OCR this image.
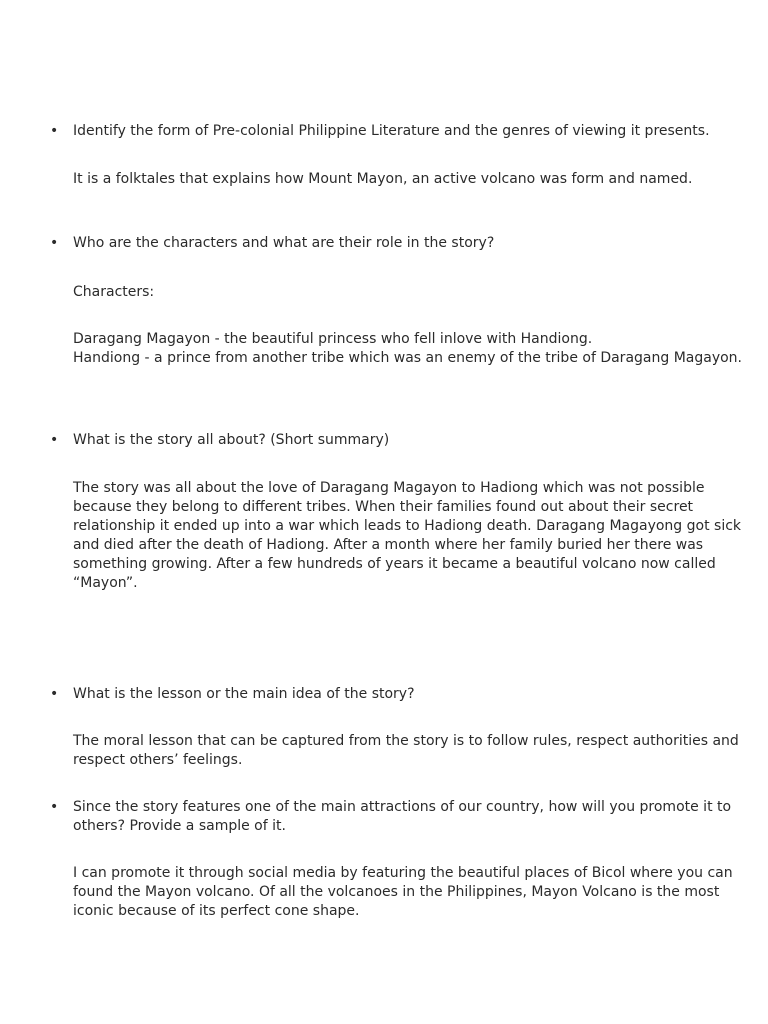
• Identify the form of Pre-colonial Philippine Literature and the genres of viewing it presents.
It is a folktales that explains how Mount Mayon, an active volcano was form and named.
• Who are the characters and what are their role in the story?
Characters:
Daragang Magayon - the beautiful princess who fell inlove with Handiong.
Handiong - a prince from another tribe which was an enemy of the tribe of Daragang Magayon.
• What is the story all about? (Short summary)
The story was all about the love of Daragang Magayon to Hadiong which was not possible
because they belong to different tribes. When their families found out about their secret
relationship it ended up into a war which leads to Hadiong death. Daragang Magayong got sick
and died after the death of Hadiong. After a month where her family buried her there was
something growing. After a few hundreds of years it became a beautiful volcano now called
“Mayon”.
• What is the lesson or the main idea of the story?
The moral lesson that can be captured from the story is to follow rules, respect authorities and
respect others’ feelings.
• Since the story features one of the main attractions of our country, how will you promote it to
others? Provide a sample of it.
I can promote it through social media by featuring the beautiful places of Bicol where you can
found the Mayon volcano. Of all the volcanoes in the Philippines, Mayon Volcano is the most
iconic because of its perfect cone shape.
